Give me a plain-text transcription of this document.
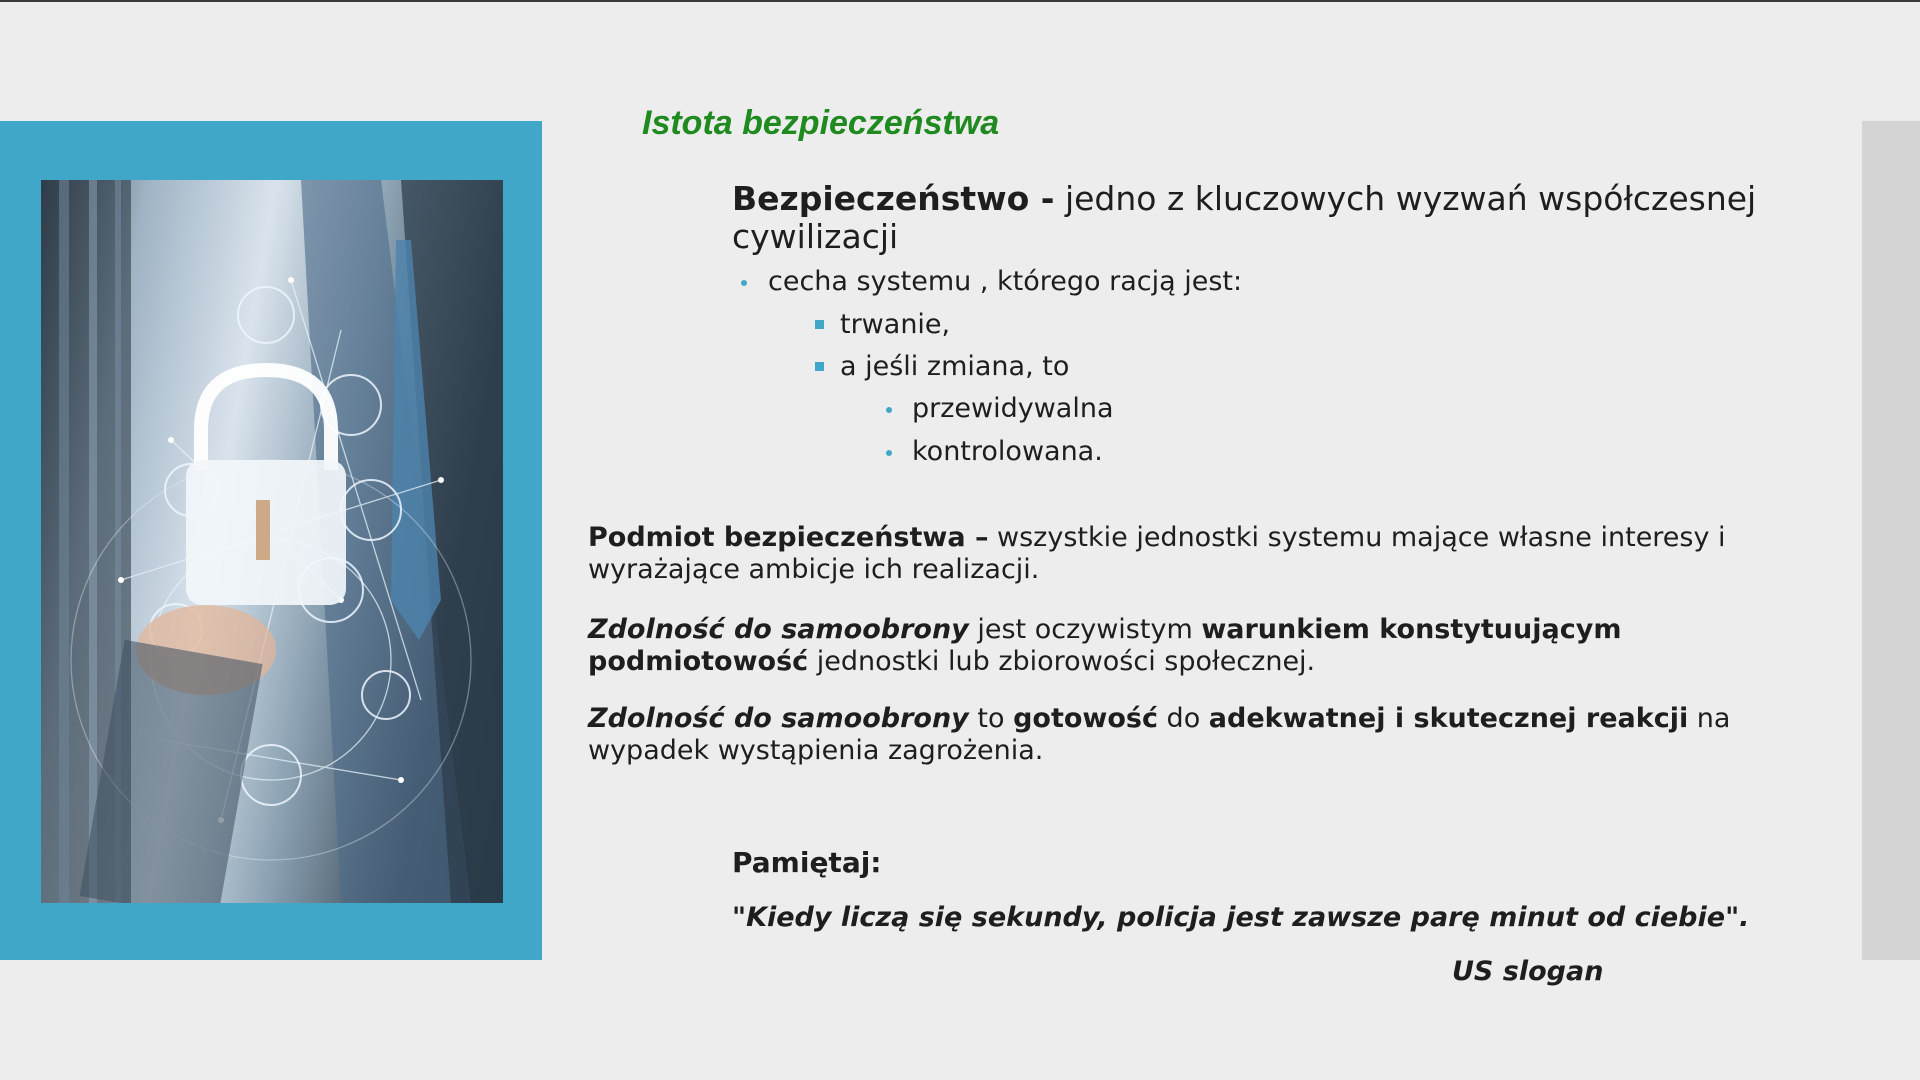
Istota bezpieczeństwa
Bezpieczeństwo - jedno z kluczowych wyzwań współczesnej cywilizacji
cecha systemu , którego racją jest:
trwanie,
a jeśli zmiana, to
przewidywalna
kontrolowana.
Podmiot bezpieczeństwa – wszystkie jednostki systemu mające własne interesy i wyrażające ambicje ich realizacji.
Zdolność do samoobrony jest oczywistym warunkiem konstytuującym podmiotowość jednostki lub zbiorowości społecznej.
Zdolność do samoobrony to gotowość do adekwatnej i skutecznej reakcji na wypadek wystąpienia zagrożenia.
Pamiętaj:
"Kiedy liczą się sekundy, policja jest zawsze parę minut od ciebie".
US slogan
